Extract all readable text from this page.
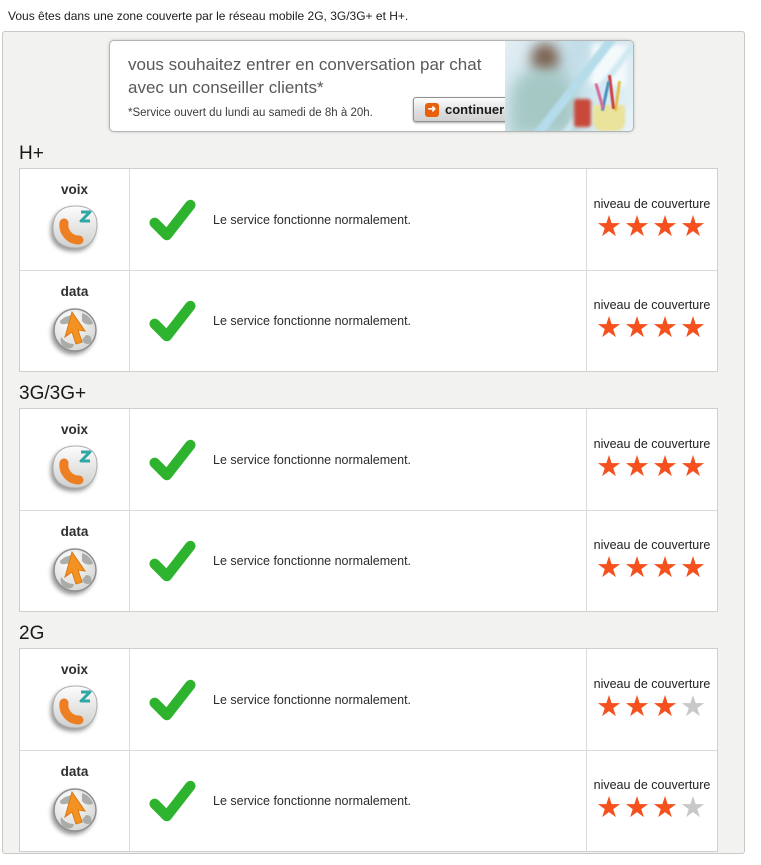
Vous êtes dans une zone couverte par le réseau mobile 2G, 3G/3G+ et H+.
vous souhaitez entrer en conversation par chat
avec un conseiller clients*
*Service ouvert du lundi au samedi de 8h à 20h.	➜ continuer
H+
voix
Le service fonctionne normalement.
niveau de couverture
★★★★
data
Le service fonctionne normalement.
niveau de couverture
★★★★
3G/3G+
voix
Le service fonctionne normalement.
niveau de couverture
★★★★
data
Le service fonctionne normalement.
niveau de couverture
★★★★
2G
voix
Le service fonctionne normalement.
niveau de couverture
★★★★
data
Le service fonctionne normalement.
niveau de couverture
★★★★
